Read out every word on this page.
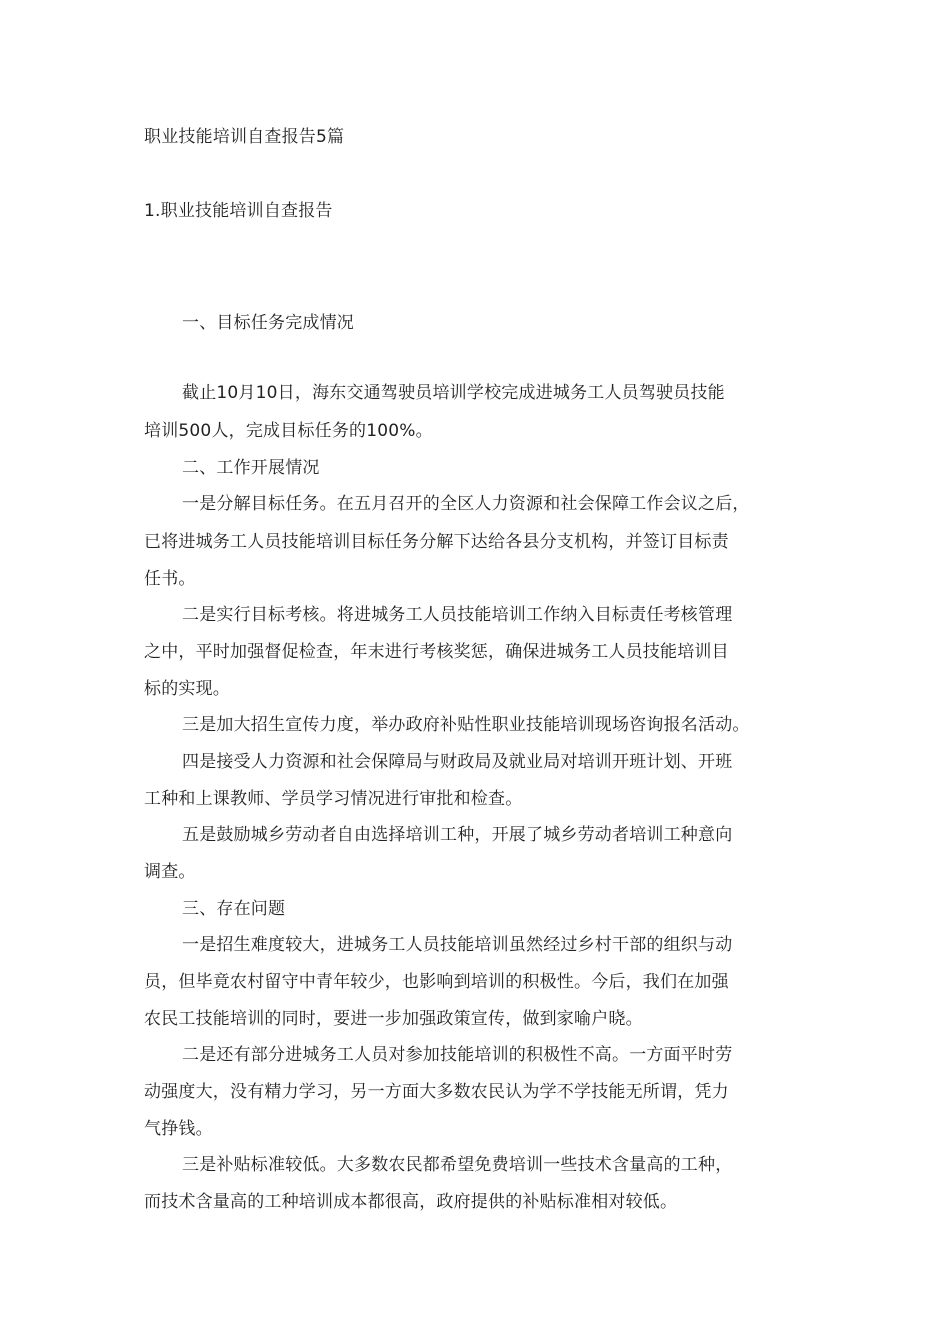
职业技能培训自查报告5篇
1.职业技能培训自查报告
一、目标任务完成情况
截止10月10日，海东交通驾驶员培训学校完成进城务工人员驾驶员技能
培训500人，完成目标任务的100%。
二、工作开展情况
一是分解目标任务。在五月召开的全区人力资源和社会保障工作会议之后，
已将进城务工人员技能培训目标任务分解下达给各县分支机构，并签订目标责
任书。
二是实行目标考核。将进城务工人员技能培训工作纳入目标责任考核管理
之中，平时加强督促检查，年末进行考核奖惩，确保进城务工人员技能培训目
标的实现。
三是加大招生宣传力度，举办政府补贴性职业技能培训现场咨询报名活动。
四是接受人力资源和社会保障局与财政局及就业局对培训开班计划、开班
工种和上课教师、学员学习情况进行审批和检查。
五是鼓励城乡劳动者自由选择培训工种，开展了城乡劳动者培训工种意向
调查。
三、存在问题
一是招生难度较大，进城务工人员技能培训虽然经过乡村干部的组织与动
员，但毕竟农村留守中青年较少，也影响到培训的积极性。今后，我们在加强
农民工技能培训的同时，要进一步加强政策宣传，做到家喻户晓。
二是还有部分进城务工人员对参加技能培训的积极性不高。一方面平时劳
动强度大，没有精力学习，另一方面大多数农民认为学不学技能无所谓，凭力
气挣钱。
三是补贴标准较低。大多数农民都希望免费培训一些技术含量高的工种，
而技术含量高的工种培训成本都很高，政府提供的补贴标准相对较低。
